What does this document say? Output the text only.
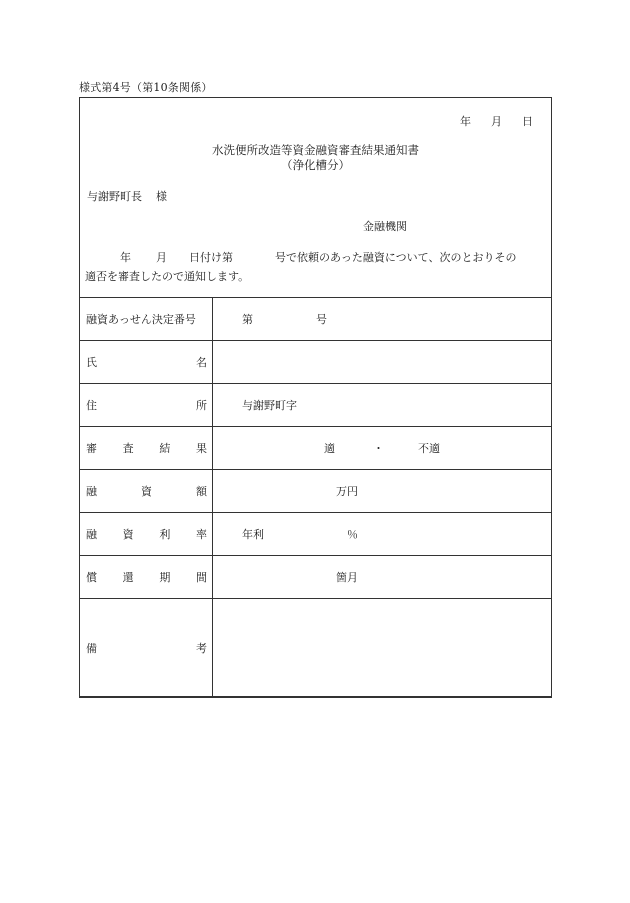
様式第4号（第10条関係）
年 月 日
水洗便所改造等資金融資審査結果通知書
（浄化槽分）
与謝野町長 様
金融機関
年 月 日付け第	号で依頼のあった融資について、次のとおりその
適否を審査したので通知します。
融資あっせん決定番号	第 号

氏 名	

住 所	与謝野町字

審 査 結 果	適 ・ 不適

融 資 額	万円

融 資 利 率	年利 ％

償 還 期 間	箇月

備 考	
